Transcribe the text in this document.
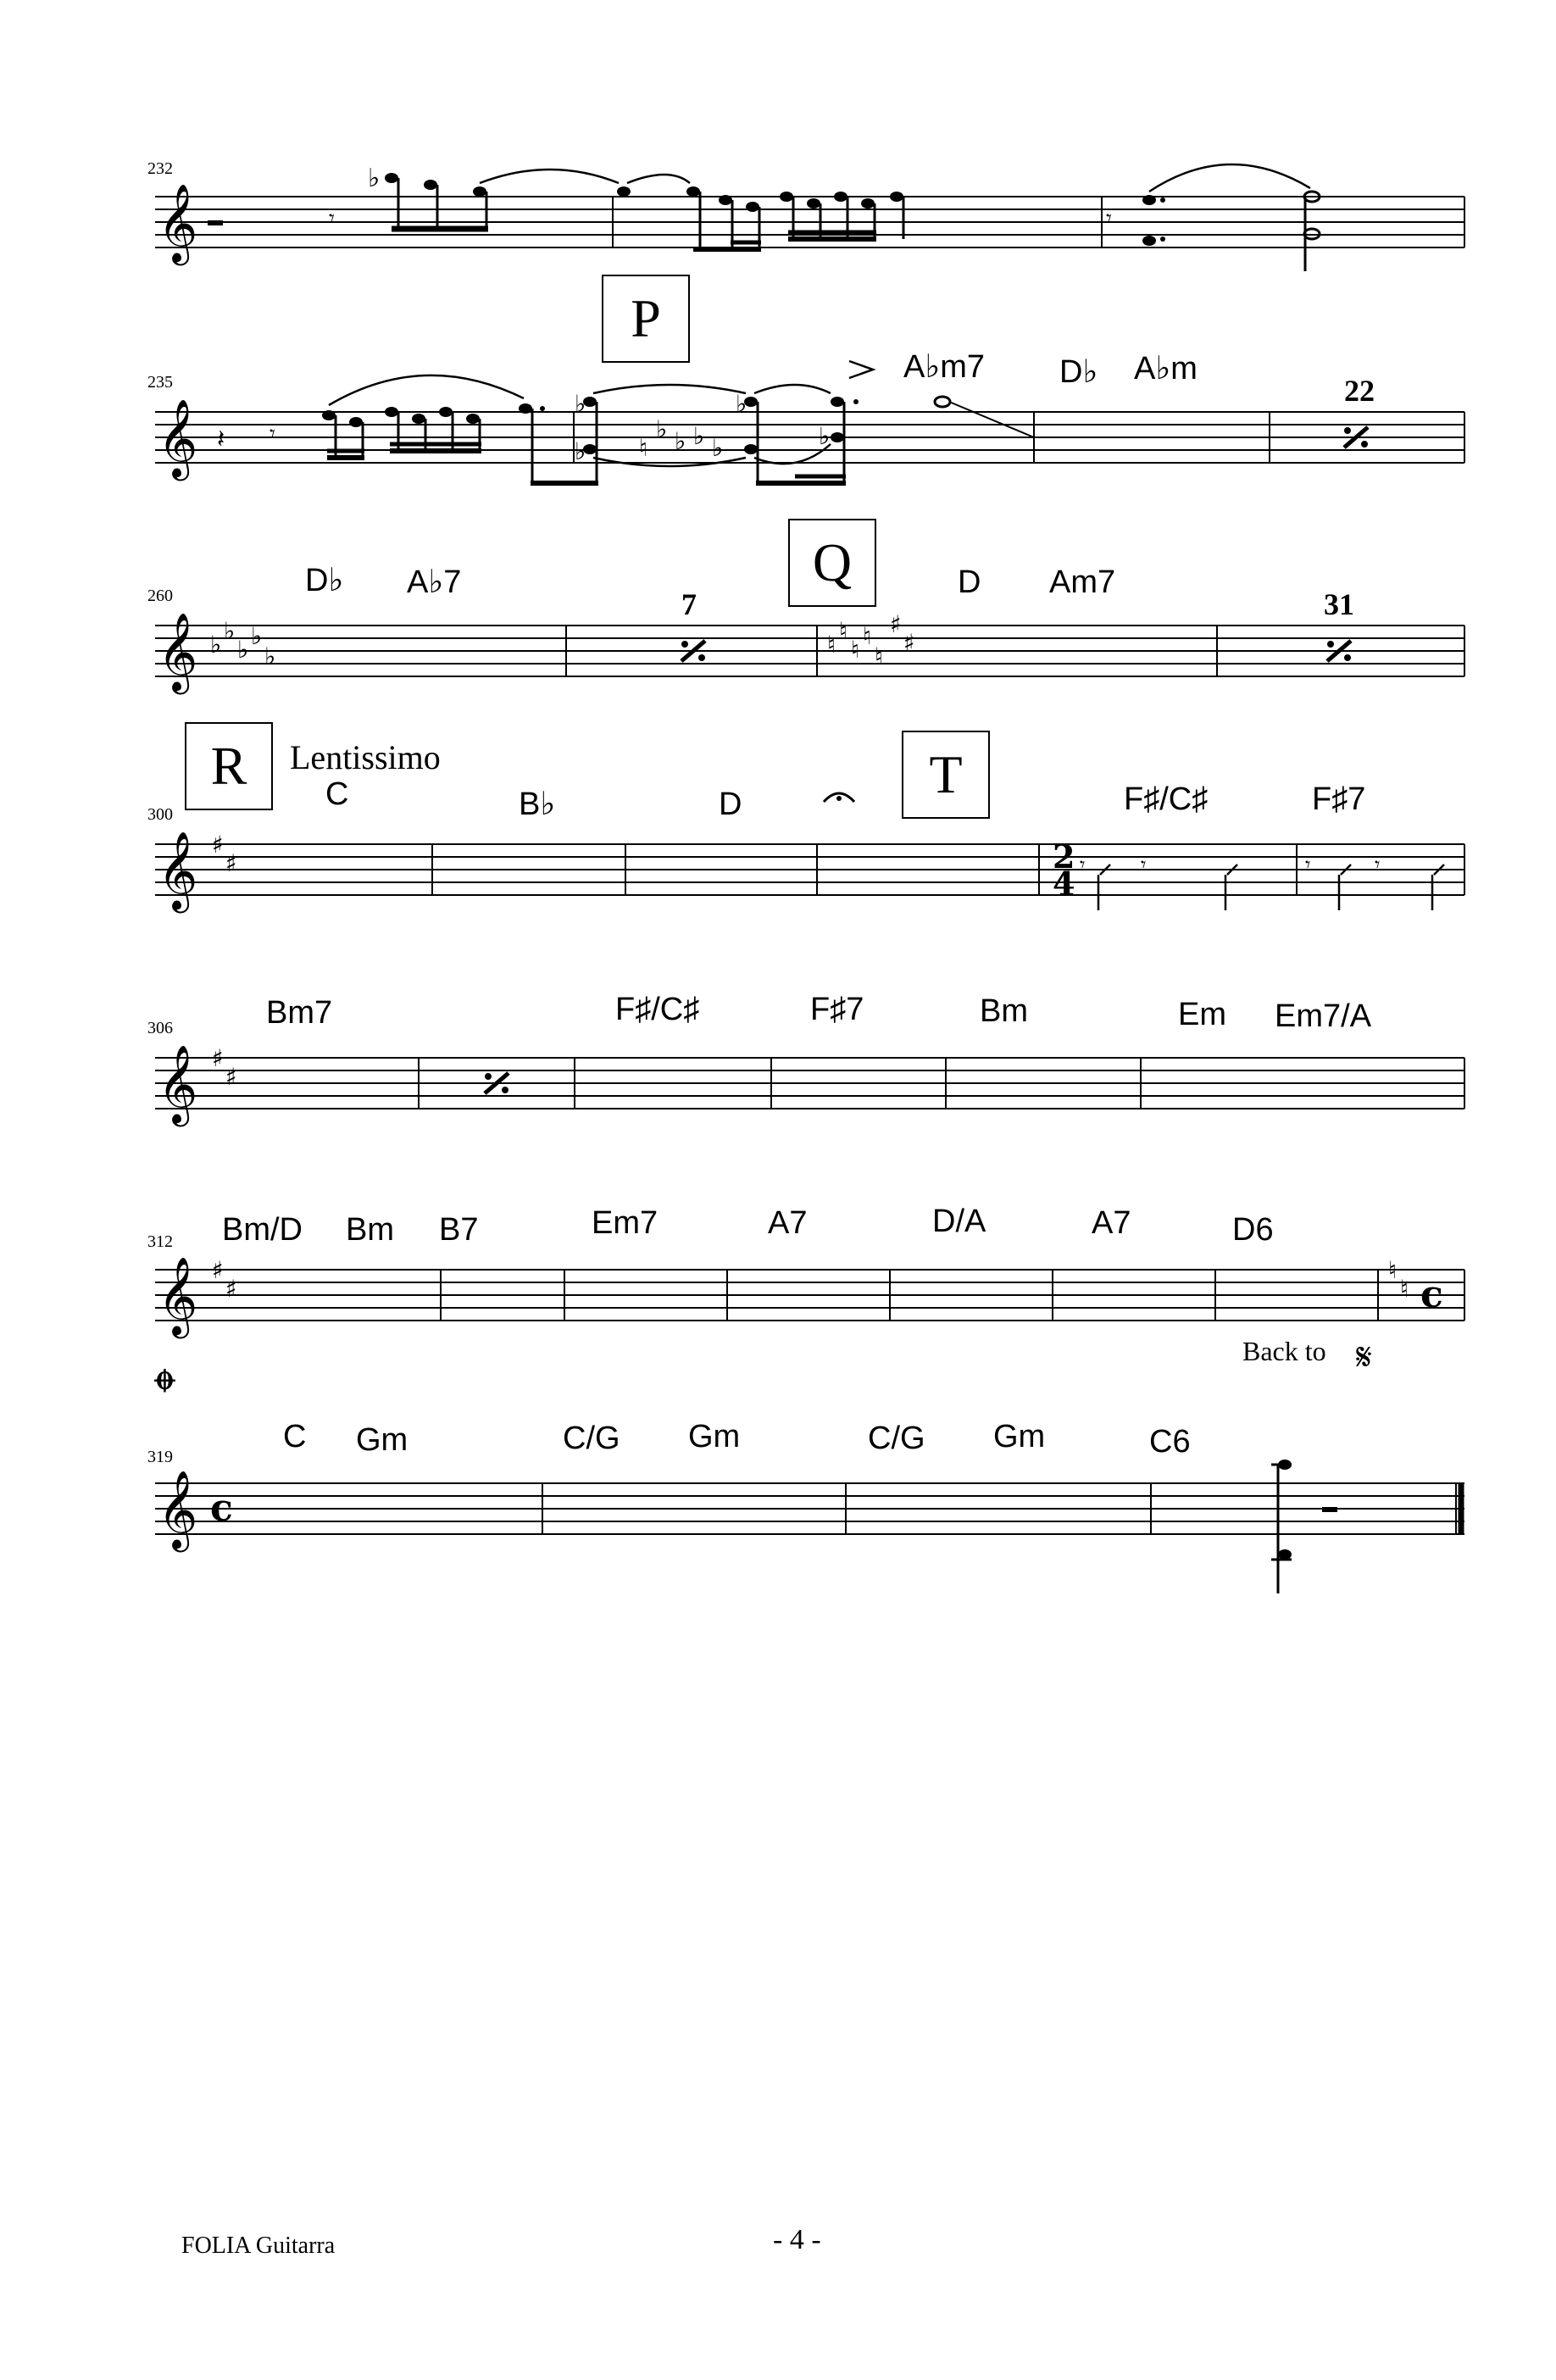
232
𝄞	𝄾
♭
𝄾
235
P
A♭m7 D♭ A♭m
22
𝄞 𝄽 𝄾
♭
♭
♭
♭
♮
♭ ♭ ♭ ♭
260
Q
D♭ A♭7	D Am7
7	31
𝄞 ♭ ♭
♭ ♭
♭	♮ ♮
♮ ♮
♮
♯
♯
300
R	T
Lentissimo
C	B♭	D	F♯/C♯	F♯7
𝄞 ♯
♯	2
4 𝄾	𝄾	𝄾	𝄾
306	Bm7	F♯/C♯	F♯7	Bm	Em Em7/A
𝄞 ♯
♯
312 Bm/D Bm B7	Em7	A7	D/A	A7	D6
Back to
𝄞 ♯
♯
♮
♮ c
𝄋
319
C Gm	C/G Gm	C/G Gm	C6
𝄌
𝄞 c
FOLIA Guitarra	- 4 -
